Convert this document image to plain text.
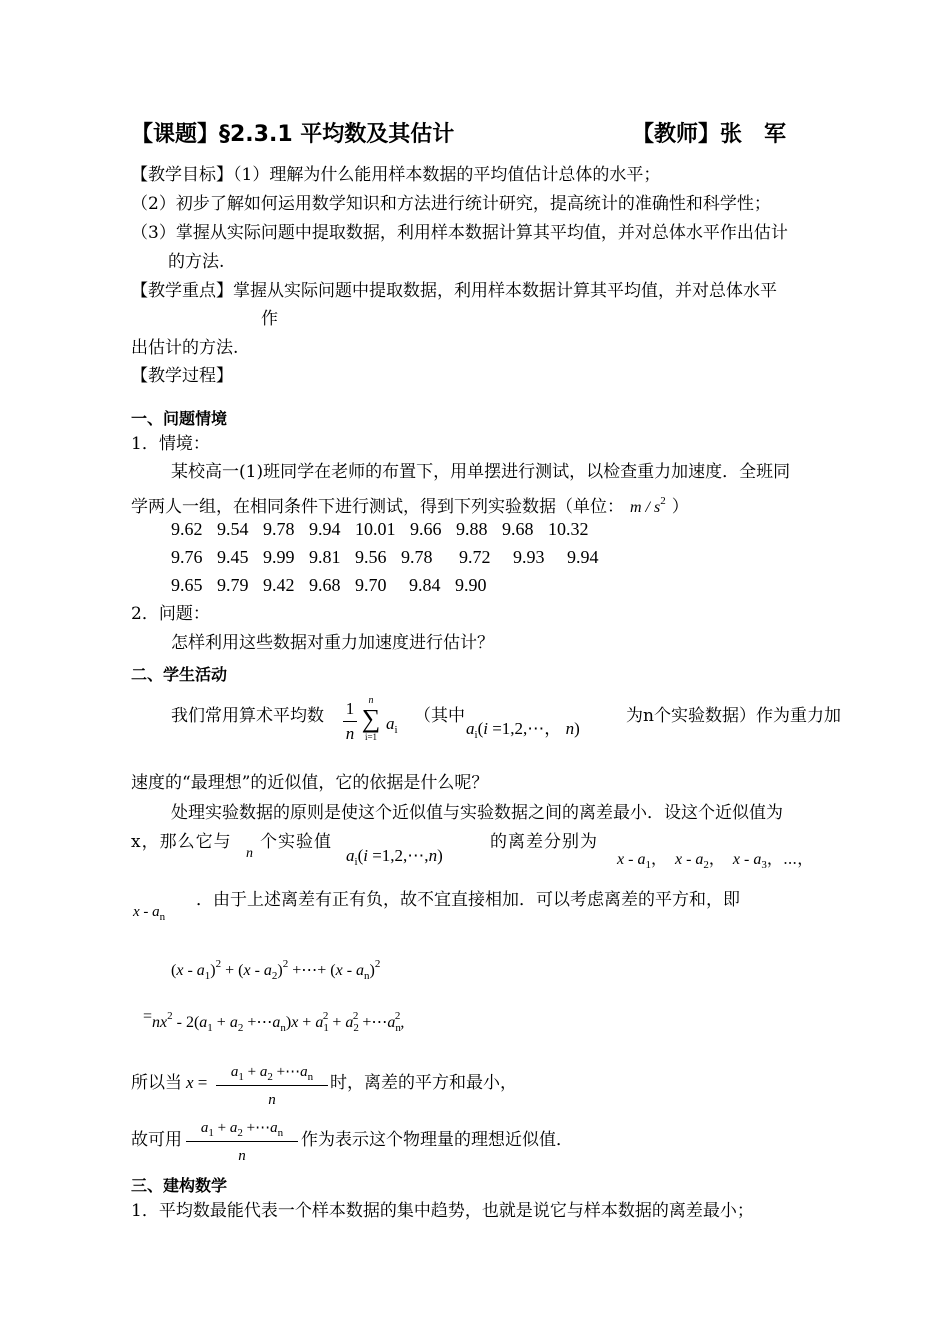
【课题】§2.3.1 平均数及其估计	【教师】张　军
【教学目标】（1）理解为什么能用样本数据的平均值估计总体的水平；
（2）初步了解如何运用数学知识和方法进行统计研究，提高统计的准确性和科学性；
（3）掌握从实际问题中提取数据，利用样本数据计算其平均值，并对总体水平作出估计
的方法.
【教学重点】掌握从实际问题中提取数据，利用样本数据计算其平均值，并对总体水平
作
出估计的方法.
【教学过程】
一、问题情境
1．情境：
某校高一(1)班同学在老师的布置下，用单摆进行测试，以检查重力加速度．全班同
学两人一组，在相同条件下进行测试，得到下列实验数据（单位： m / $s^2$ ）
9.62 9.54 9.78 9.94 10.01 9.66 9.88 9.68 10.32
9.76 9.45 9.99 9.81 9.56 9.78 9.72 9.93 9.94
9.65 9.79 9.42 9.68 9.70 9.84 9.90
2．问题：
怎样利用这些数据对重力加速度进行估计？
二、学生活动
我们常用算术平均数 1
n
n
∑
i=1
$a_i$
（其中
$a_i(i$ =1,2,⋯， n)
为n个实验数据）作为重力加
速度的“最理想”的近似值，它的依据是什么呢？
处理实验数据的原则是使这个近似值与实验数据之间的离差最小．设这个近似值为
x，那么它与
n
个实验值
$a_i(i$ =1,2,⋯,n)
的离差分别为
x - $a_1$，  x - $a_2$，  x - $a_3$，⋯，
x - $a_n$
．由于上述离差有正有负，故不宜直接相加．可以考虑离差的平方和，即
$(x - a_1)^2 + (x - a_2)^2$ +⋯+ $(x - a_n)^2$
$=nx^2 - 2(a_1 + a_2$ $+\cdots a_n)x + a_1^2 + a_2^2$ $+\cdots a_n^2$,
所以当 x =
$a_1 + a_2$ $+\cdots a_n$
n
时，离差的平方和最小，
故可用
$a_1 + a_2$ $+\cdots a_n$
n
作为表示这个物理量的理想近似值．
三、建构数学
1．平均数最能代表一个样本数据的集中趋势，也就是说它与样本数据的离差最小；
